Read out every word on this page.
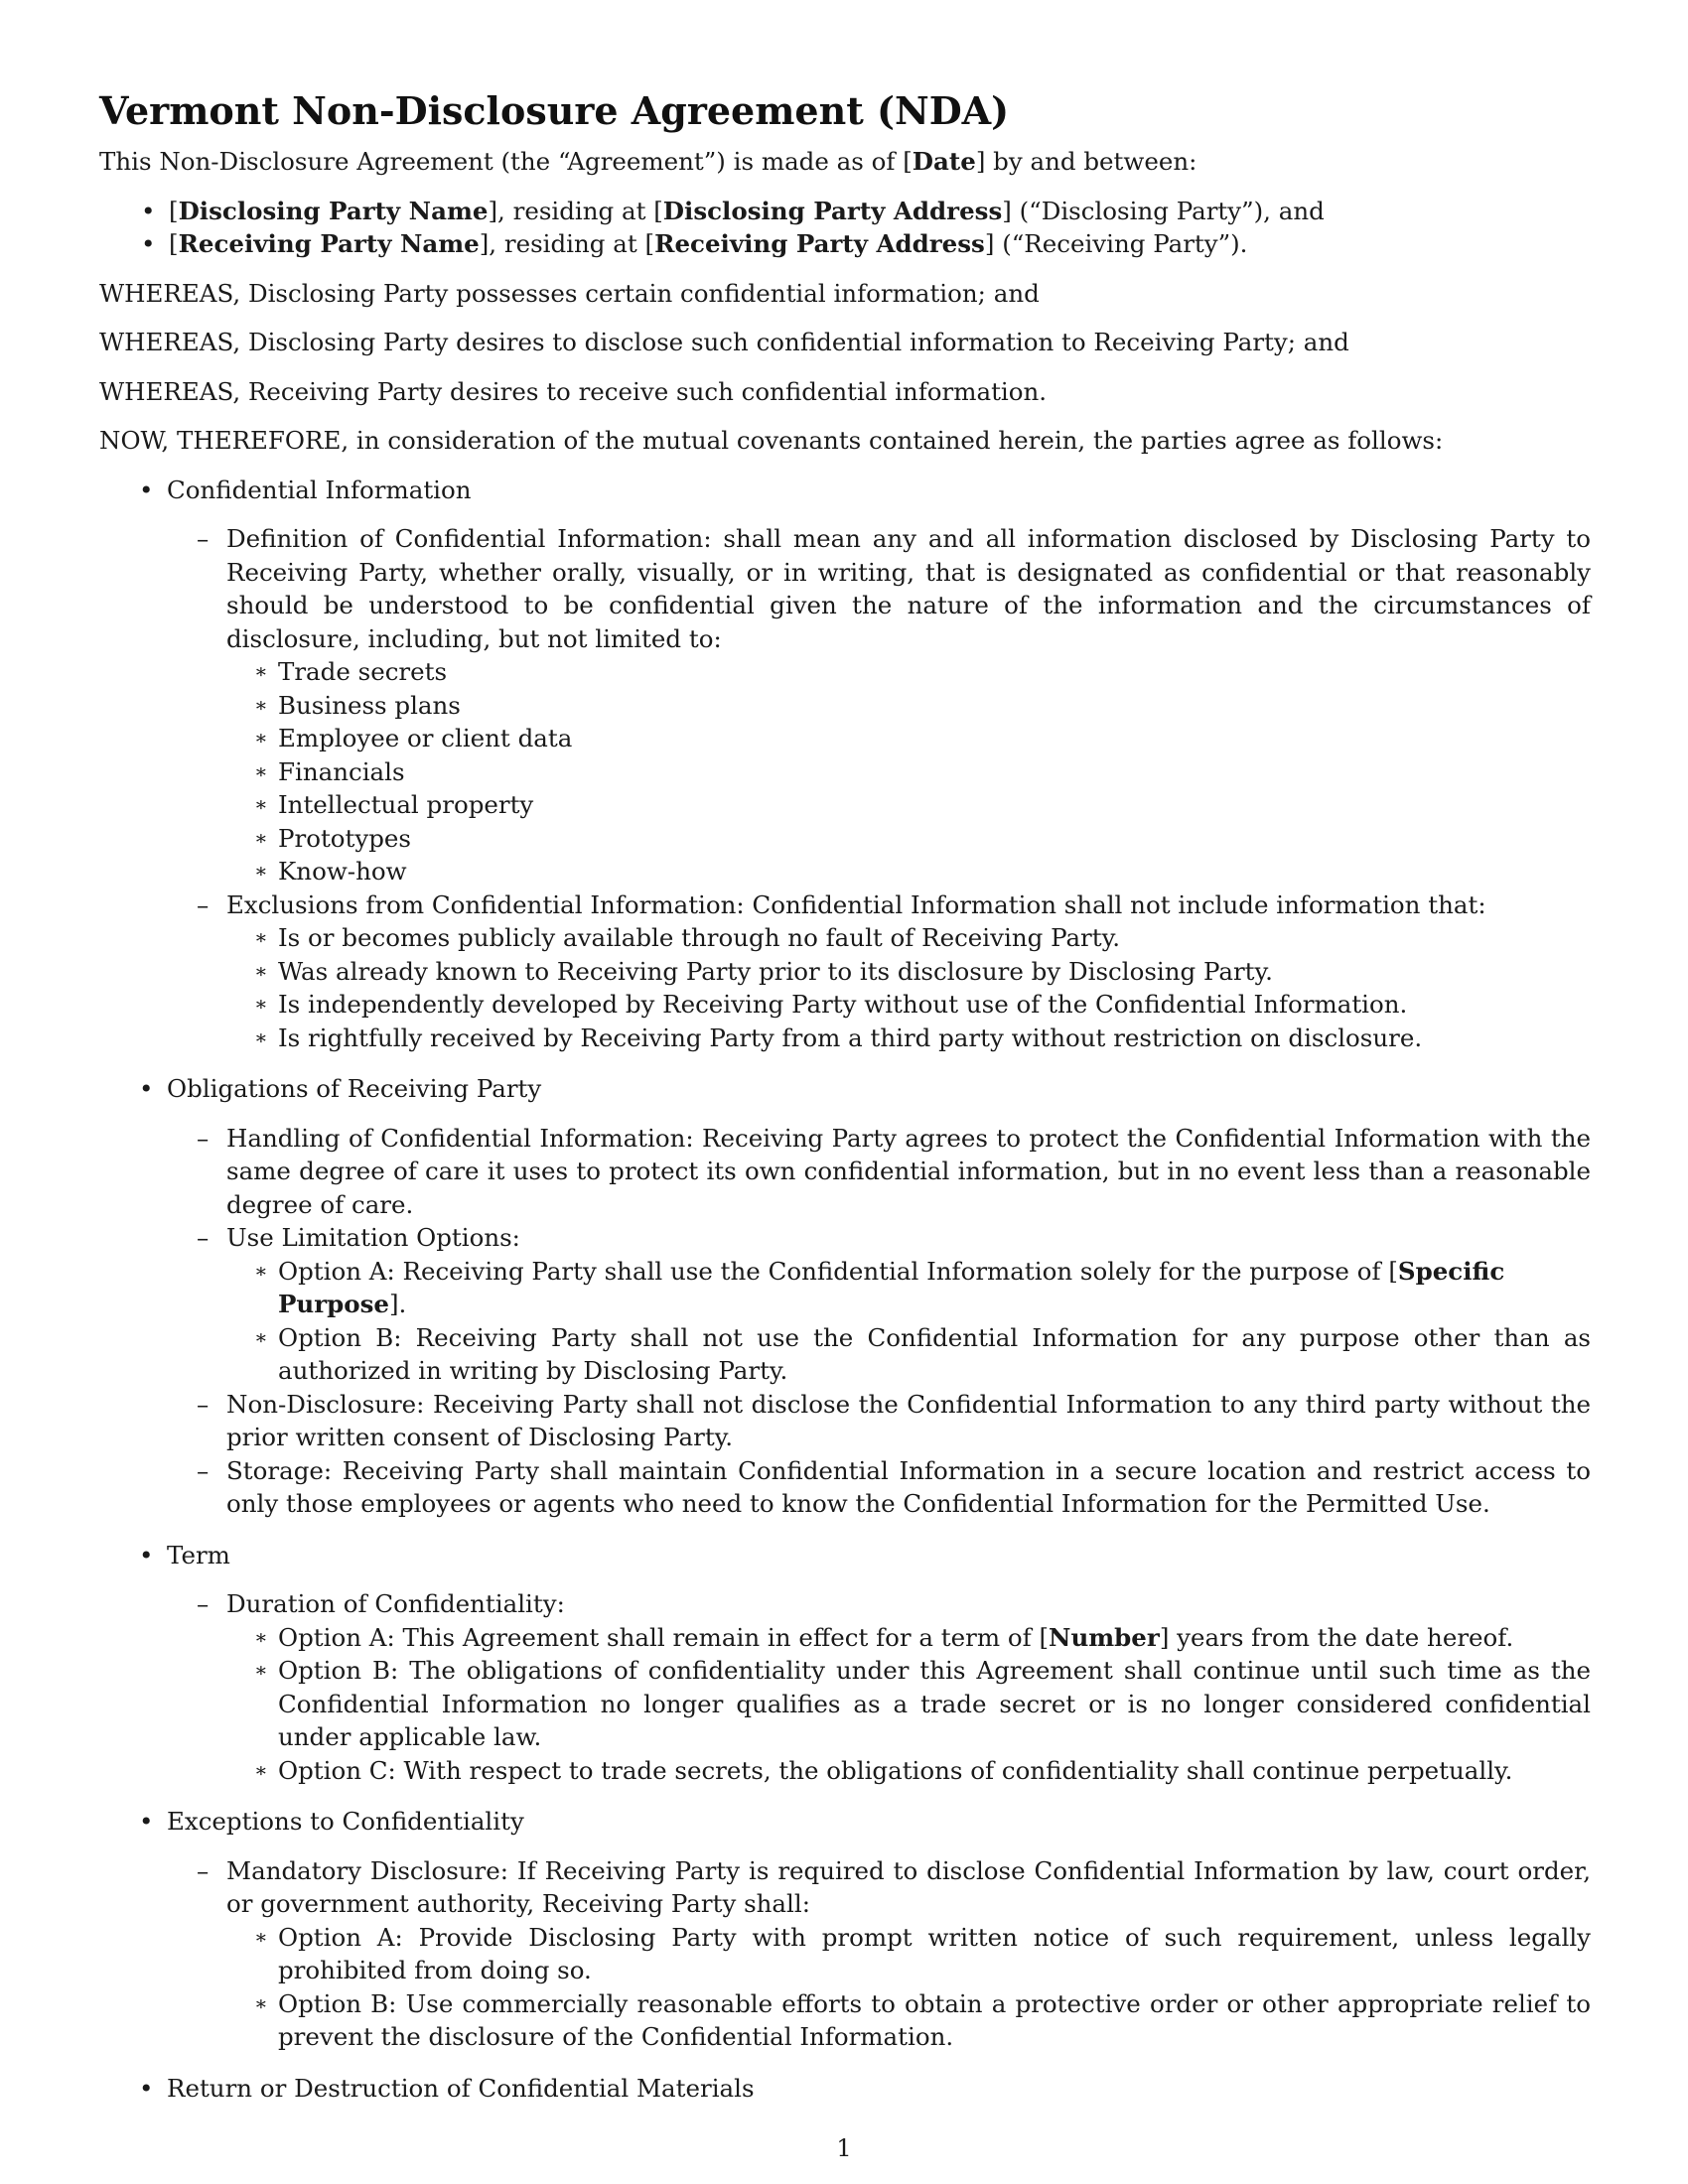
Vermont Non-Disclosure Agreement (NDA)

This Non-Disclosure Agreement (the “Agreement”) is made as of [Date] by and between:

• [Disclosing Party Name], residing at [Disclosing Party Address] (“Disclosing Party”), and
• [Receiving Party Name], residing at [Receiving Party Address] (“Receiving Party”).

WHEREAS, Disclosing Party possesses certain confidential information; and

WHEREAS, Disclosing Party desires to disclose such confidential information to Receiving Party; and

WHEREAS, Receiving Party desires to receive such confidential information.

NOW, THEREFORE, in consideration of the mutual covenants contained herein, the parties agree as follows:

• Confidential Information
– Definition of Confidential Information: shall mean any and all information disclosed by Disclosing Party to Receiving Party, whether orally, visually, or in writing, that is designated as confidential or that reasonably should be understood to be confidential given the nature of the information and the circumstances of disclosure, including, but not limited to:
∗ Trade secrets
∗ Business plans
∗ Employee or client data
∗ Financials
∗ Intellectual property
∗ Prototypes
∗ Know-how
– Exclusions from Confidential Information: Confidential Information shall not include information that:
∗ Is or becomes publicly available through no fault of Receiving Party.
∗ Was already known to Receiving Party prior to its disclosure by Disclosing Party.
∗ Is independently developed by Receiving Party without use of the Confidential Information.
∗ Is rightfully received by Receiving Party from a third party without restriction on disclosure.
• Obligations of Receiving Party
– Handling of Confidential Information: Receiving Party agrees to protect the Confidential Information with the same degree of care it uses to protect its own confidential information, but in no event less than a reasonable degree of care.
– Use Limitation Options:
∗ Option A: Receiving Party shall use the Confidential Information solely for the purpose of [Specific Purpose].
∗ Option B: Receiving Party shall not use the Confidential Information for any purpose other than as authorized in writing by Disclosing Party.
– Non-Disclosure: Receiving Party shall not disclose the Confidential Information to any third party without the prior written consent of Disclosing Party.
– Storage: Receiving Party shall maintain Confidential Information in a secure location and restrict access to only those employees or agents who need to know the Confidential Information for the Permitted Use.
• Term
– Duration of Confidentiality:
∗ Option A: This Agreement shall remain in effect for a term of [Number] years from the date hereof.
∗ Option B: The obligations of confidentiality under this Agreement shall continue until such time as the Confidential Information no longer qualifies as a trade secret or is no longer considered confidential under applicable law.
∗ Option C: With respect to trade secrets, the obligations of confidentiality shall continue perpetually.
• Exceptions to Confidentiality
– Mandatory Disclosure: If Receiving Party is required to disclose Confidential Information by law, court order, or government authority, Receiving Party shall:
∗ Option A: Provide Disclosing Party with prompt written notice of such requirement, unless legally prohibited from doing so.
∗ Option B: Use commercially reasonable efforts to obtain a protective order or other appropriate relief to prevent the disclosure of the Confidential Information.
• Return or Destruction of Confidential Materials
1
